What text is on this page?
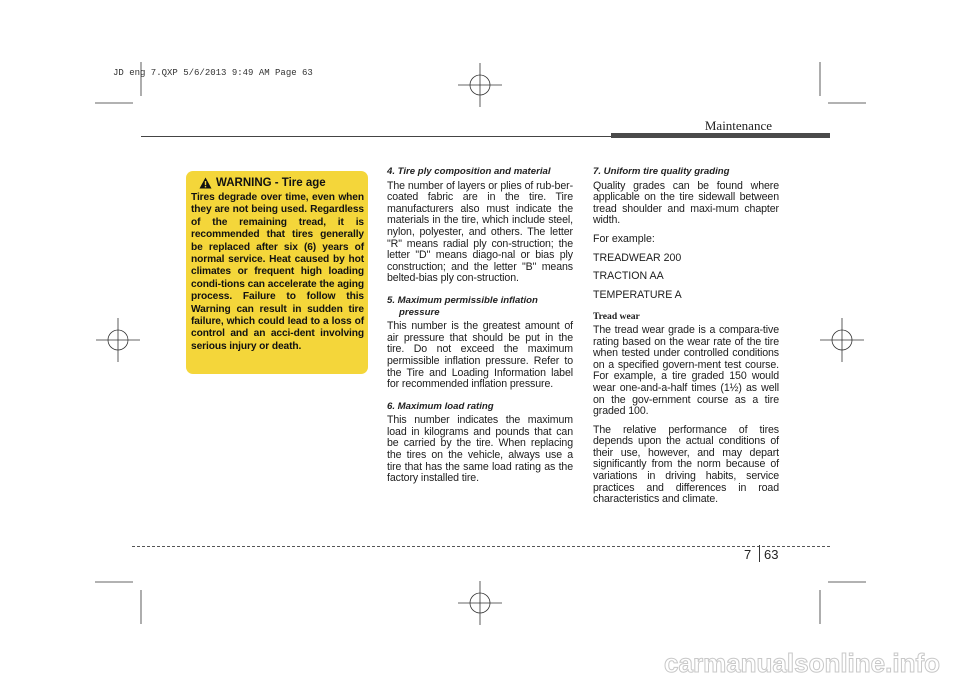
JD eng 7.QXP 5/6/2013 9:49 AM Page 63
Maintenance
WARNING - Tire age
Tires degrade over time, even when they are not being used. Regardless of the remaining tread, it is recommended that tires generally be replaced after six (6) years of normal service. Heat caused by hot climates or frequent high loading condi-tions can accelerate the aging process. Failure to follow this Warning can result in sudden tire failure, which could lead to a loss of control and an acci-dent involving serious injury or death.
4. Tire ply composition and material

The number of layers or plies of rub-ber-coated fabric are in the tire. Tire manufacturers also must indicate the materials in the tire, which include steel, nylon, polyester, and others. The letter "R" means radial ply con-struction; the letter "D" means diago-nal or bias ply construction; and the letter "B" means belted-bias ply con-struction.

5. Maximum permissible inflation
pressure

This number is the greatest amount of air pressure that should be put in the tire. Do not exceed the maximum permissible inflation pressure. Refer to the Tire and Loading Information label for recommended inflation pressure.

6. Maximum load rating

This number indicates the maximum load in kilograms and pounds that can be carried by the tire. When replacing the tires on the vehicle, always use a tire that has the same load rating as the factory installed tire.

7. Uniform tire quality grading

Quality grades can be found where applicable on the tire sidewall between tread shoulder and maxi-mum chapter width.

For example:
TREADWEAR 200
TRACTION AA
TEMPERATURE A
Tread wear

The tread wear grade is a compara-tive rating based on the wear rate of the tire when tested under controlled conditions on a specified govern-ment test course. For example, a tire graded 150 would wear one-and-a-half times (1½) as well on the gov-ernment course as a tire graded 100.

The relative performance of tires depends upon the actual conditions of their use, however, and may depart significantly from the norm because of variations in driving habits, service practices and differences in road characteristics and climate.

7 63
carmanualsonline.info
